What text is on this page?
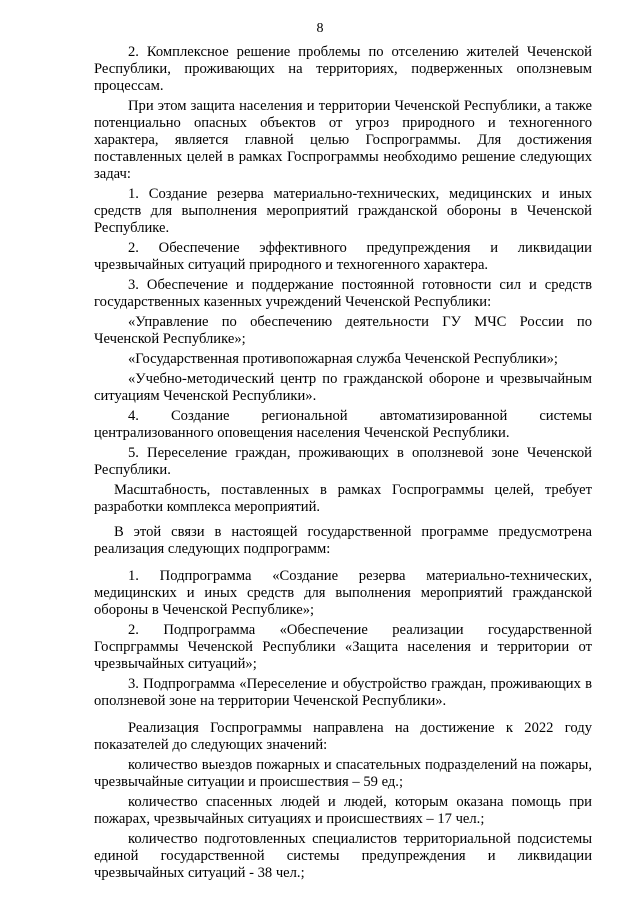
8

2. Комплексное решение проблемы по отселению жителей Чеченской Республики, проживающих на территориях, подверженных оползневым процессам.

При этом защита населения и территории Чеченской Республики, а также потенциально опасных объектов от угроз природного и техногенного характера, является главной целью Госпрограммы. Для достижения поставленных целей в рамках Госпрограммы необходимо решение следующих задач:

1. Создание резерва материально-технических, медицинских и иных средств для выполнения мероприятий гражданской обороны в Чеченской Республике.

2. Обеспечение эффективного предупреждения и ликвидации чрезвычайных ситуаций природного и техногенного характера.

3. Обеспечение и поддержание постоянной готовности сил и средств государственных казенных учреждений Чеченской Республики:

«Управление по обеспечению деятельности ГУ МЧС России по Чеченской Республике»;

«Государственная противопожарная служба Чеченской Республики»;

«Учебно-методический центр по гражданской обороне и чрезвычайным ситуациям Чеченской Республики».

4. Создание региональной автоматизированной системы централизованного оповещения населения Чеченской Республики.

5. Переселение граждан, проживающих в оползневой зоне Чеченской Республики.

Масштабность, поставленных в рамках Госпрограммы целей, требует разработки комплекса мероприятий.

В этой связи в настоящей государственной программе предусмотрена реализация следующих подпрограмм:

1. Подпрограмма «Создание резерва материально-технических, медицинских и иных средств для выполнения мероприятий гражданской обороны в Чеченской Республике»;

2. Подпрограмма «Обеспечение реализации государственной Госпрграммы Чеченской Республики «Защита населения и территории от чрезвычайных ситуаций»;

3. Подпрограмма «Переселение и обустройство граждан, проживающих в оползневой зоне на территории Чеченской Республики».

Реализация Госпрограммы направлена на достижение к 2022 году показателей до следующих значений:

количество выездов пожарных и спасательных подразделений на пожары, чрезвычайные ситуации и происшествия – 59 ед.;

количество спасенных людей и людей, которым оказана помощь при пожарах, чрезвычайных ситуациях и происшествиях – 17 чел.;

количество подготовленных специалистов территориальной подсистемы единой государственной системы предупреждения и ликвидации чрезвычайных ситуаций - 38 чел.;
